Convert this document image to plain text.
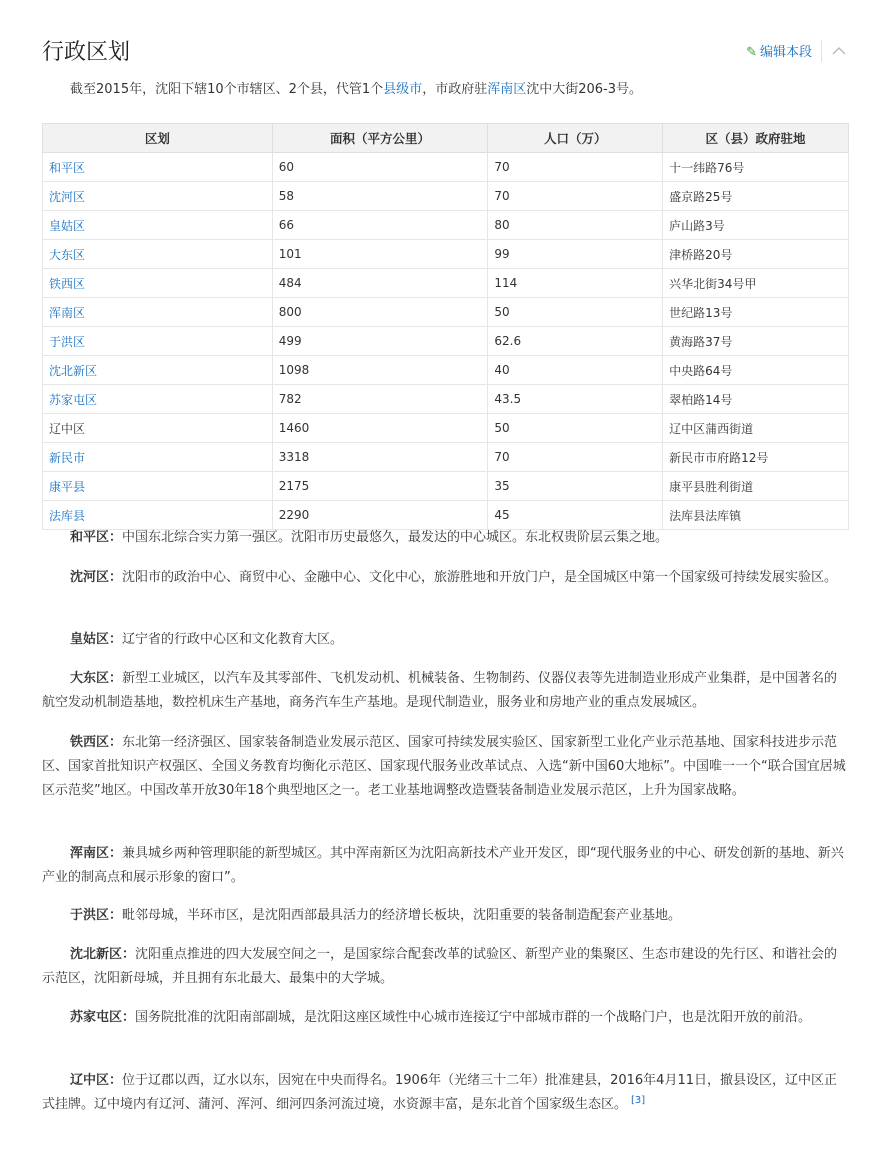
行政区划	✎ 编辑本段

截至2015年，沈阳下辖10个市辖区、2个县，代管1个县级市，市政府驻浑南区沈中大街206-3号。

区划	面积（平方公里）	人口（万）	区（县）政府驻地
和平区	60	70	十一纬路76号
沈河区	58	70	盛京路25号
皇姑区	66	80	庐山路3号
大东区	101	99	津桥路20号
铁西区	484	114	兴华北街34号甲
浑南区	800	50	世纪路13号
于洪区	499	62.6	黄海路37号
沈北新区	1098	40	中央路64号
苏家屯区	782	43.5	翠柏路14号
辽中区	1460	50	辽中区蒲西街道
新民市	3318	70	新民市市府路12号
康平县	2175	35	康平县胜利街道
法库县	2290	45	法库县法库镇

和平区：中国东北综合实力第一强区。沈阳市历史最悠久，最发达的中心城区。东北权贵阶层云集之地。

沈河区：沈阳市的政治中心、商贸中心、金融中心、文化中心，旅游胜地和开放门户，是全国城区中第一个国家级可持续发展实验区。

皇姑区：辽宁省的行政中心区和文化教育大区。

大东区：新型工业城区，以汽车及其零部件、飞机发动机、机械装备、生物制药、仪器仪表等先进制造业形成产业集群，是中国著名的航空发动机制造基地，数控机床生产基地，商务汽车生产基地。是现代制造业，服务业和房地产业的重点发展城区。

铁西区：东北第一经济强区、国家装备制造业发展示范区、国家可持续发展实验区、国家新型工业化产业示范基地、国家科技进步示范区、国家首批知识产权强区、全国义务教育均衡化示范区、国家现代服务业改革试点、入选“新中国60大地标”。中国唯一一个“联合国宜居城区示范奖”地区。中国改革开放30年18个典型地区之一。老工业基地调整改造暨装备制造业发展示范区，上升为国家战略。

浑南区：兼具城乡两种管理职能的新型城区。其中浑南新区为沈阳高新技术产业开发区，即“现代服务业的中心、研发创新的基地、新兴产业的制高点和展示形象的窗口”。

于洪区：毗邻母城，半环市区，是沈阳西部最具活力的经济增长板块，沈阳重要的装备制造配套产业基地。

沈北新区：沈阳重点推进的四大发展空间之一，是国家综合配套改革的试验区、新型产业的集聚区、生态市建设的先行区、和谐社会的示范区，沈阳新母城，并且拥有东北最大、最集中的大学城。

苏家屯区：国务院批准的沈阳南部副城，是沈阳这座区域性中心城市连接辽宁中部城市群的一个战略门户，也是沈阳开放的前沿。

辽中区：位于辽郡以西，辽水以东，因宛在中央而得名。1906年（光绪三十二年）批准建县，2016年4月11日，撤县设区，辽中区正式挂牌。辽中境内有辽河、蒲河、浑河、细河四条河流过境，水资源丰富，是东北首个国家级生态区。 [3]
